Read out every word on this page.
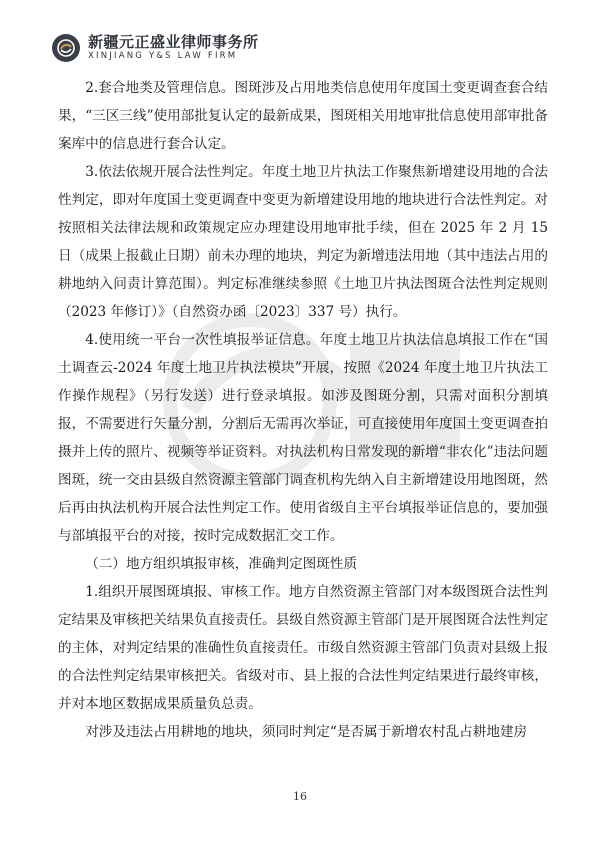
新疆元正盛业律师事务所
XINJIANG Y&S LAW FIRM

2.套合地类及管理信息。图斑涉及占用地类信息使用年度国土变更调查套合结果，“三区三线”使用部批复认定的最新成果，图斑相关用地审批信息使用部审批备案库中的信息进行套合认定。

3.依法依规开展合法性判定。年度土地卫片执法工作聚焦新增建设用地的合法性判定，即对年度国土变更调查中变更为新增建设用地的地块进行合法性判定。对按照相关法律法规和政策规定应办理建设用地审批手续，但在 2025 年 2 月 15 日（成果上报截止日期）前未办理的地块，判定为新增违法用地（其中违法占用的耕地纳入问责计算范围）。判定标准继续参照《土地卫片执法图斑合法性判定规则（2023 年修订）》（自然资办函〔2023〕337 号）执行。

4.使用统一平台一次性填报举证信息。年度土地卫片执法信息填报工作在“国土调查云-2024 年度土地卫片执法模块”开展，按照《2024 年度土地卫片执法工作操作规程》（另行发送）进行登录填报。如涉及图斑分割，只需对面积分割填报，不需要进行矢量分割，分割后无需再次举证，可直接使用年度国土变更调查拍摄并上传的照片、视频等举证资料。对执法机构日常发现的新增“非农化”违法问题图斑，统一交由县级自然资源主管部门调查机构先纳入自主新增建设用地图斑，然后再由执法机构开展合法性判定工作。使用省级自主平台填报举证信息的，要加强与部填报平台的对接，按时完成数据汇交工作。

（二）地方组织填报审核，准确判定图斑性质

1.组织开展图斑填报、审核工作。地方自然资源主管部门对本级图斑合法性判定结果及审核把关结果负直接责任。县级自然资源主管部门是开展图斑合法性判定的主体，对判定结果的准确性负直接责任。市级自然资源主管部门负责对县级上报的合法性判定结果审核把关。省级对市、县上报的合法性判定结果进行最终审核，并对本地区数据成果质量负总责。

对涉及违法占用耕地的地块，须同时判定“是否属于新增农村乱占耕地建房

16
